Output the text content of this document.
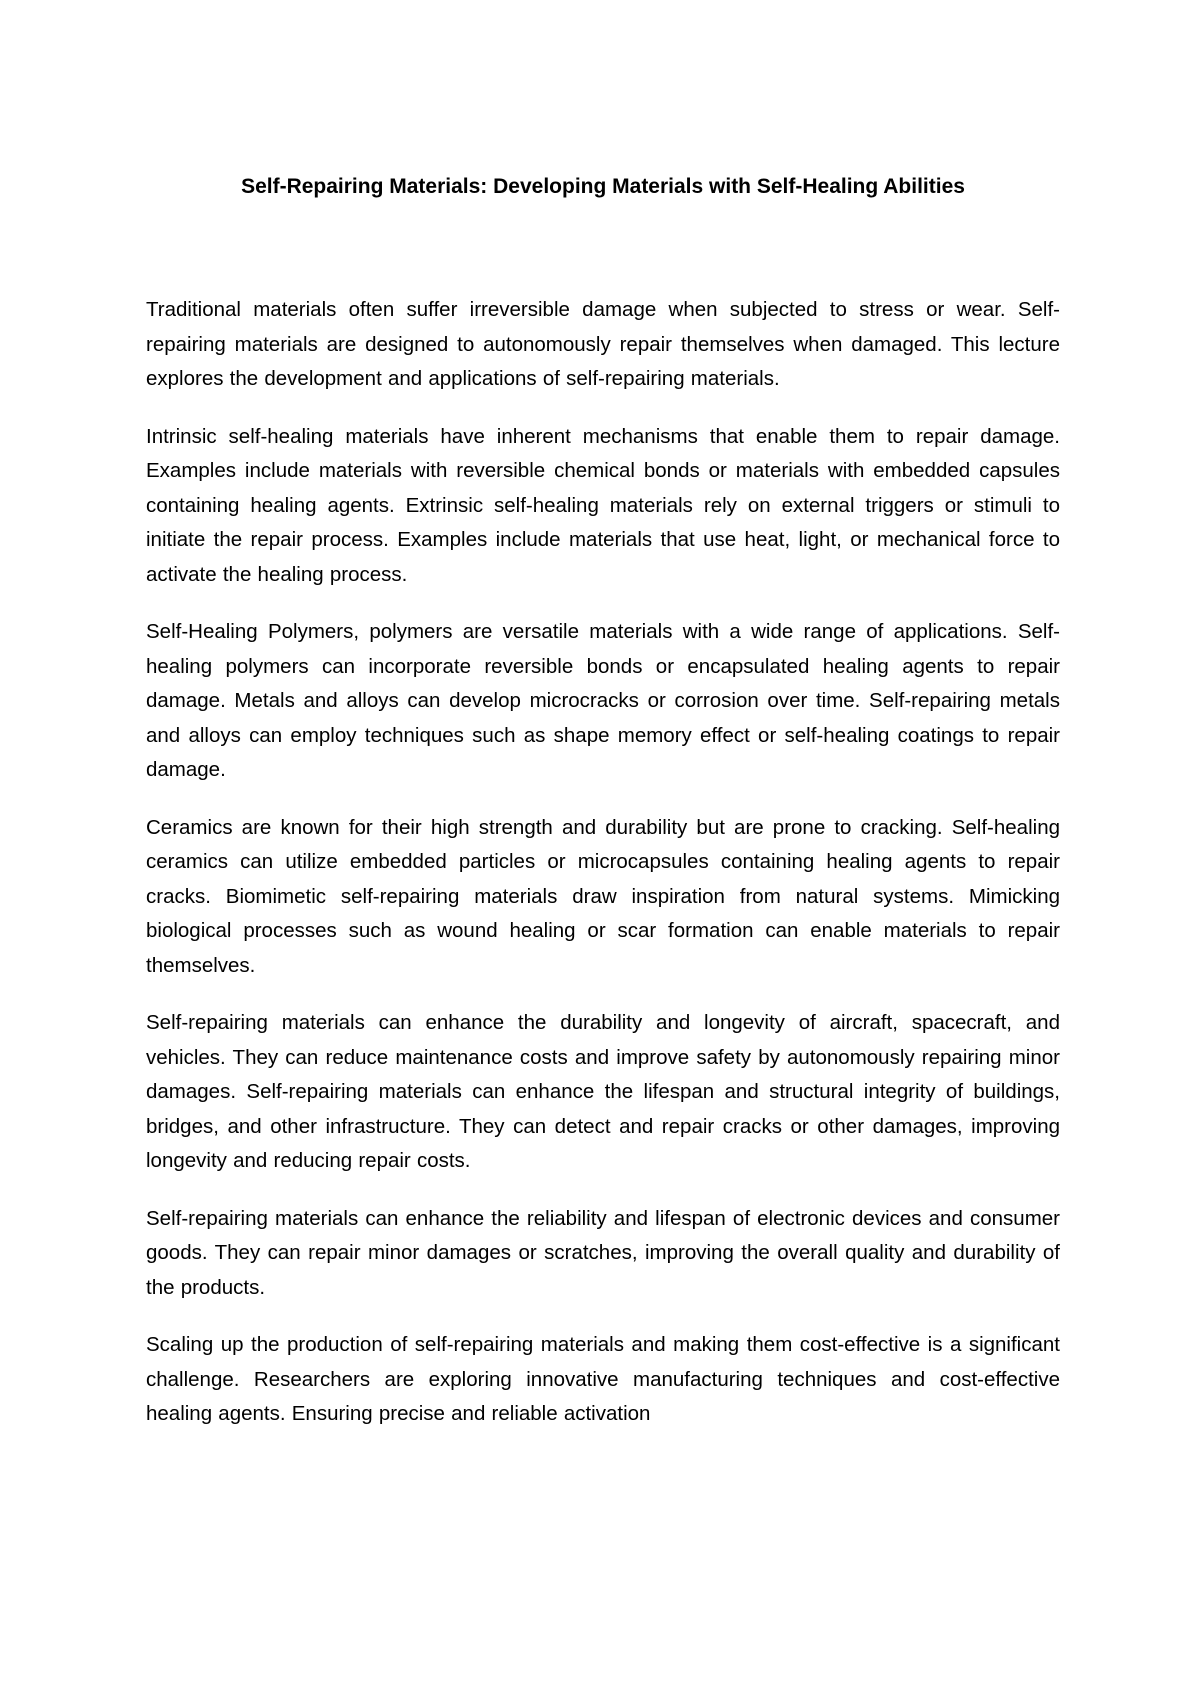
Self-Repairing Materials: Developing Materials with Self-Healing Abilities

Traditional materials often suffer irreversible damage when subjected to stress or wear. Self-repairing materials are designed to autonomously repair themselves when damaged. This lecture explores the development and applications of self-repairing materials.

Intrinsic self-healing materials have inherent mechanisms that enable them to repair damage. Examples include materials with reversible chemical bonds or materials with embedded capsules containing healing agents. Extrinsic self-healing materials rely on external triggers or stimuli to initiate the repair process. Examples include materials that use heat, light, or mechanical force to activate the healing process.

Self-Healing Polymers, polymers are versatile materials with a wide range of applications. Self-healing polymers can incorporate reversible bonds or encapsulated healing agents to repair damage. Metals and alloys can develop microcracks or corrosion over time. Self-repairing metals and alloys can employ techniques such as shape memory effect or self-healing coatings to repair damage.

Ceramics are known for their high strength and durability but are prone to cracking. Self-healing ceramics can utilize embedded particles or microcapsules containing healing agents to repair cracks. Biomimetic self-repairing materials draw inspiration from natural systems. Mimicking biological processes such as wound healing or scar formation can enable materials to repair themselves.

Self-repairing materials can enhance the durability and longevity of aircraft, spacecraft, and vehicles. They can reduce maintenance costs and improve safety by autonomously repairing minor damages. Self-repairing materials can enhance the lifespan and structural integrity of buildings, bridges, and other infrastructure. They can detect and repair cracks or other damages, improving longevity and reducing repair costs.

Self-repairing materials can enhance the reliability and lifespan of electronic devices and consumer goods. They can repair minor damages or scratches, improving the overall quality and durability of the products.

Scaling up the production of self-repairing materials and making them cost-effective is a significant challenge. Researchers are exploring innovative manufacturing techniques and cost-effective healing agents. Ensuring precise and reliable activation
